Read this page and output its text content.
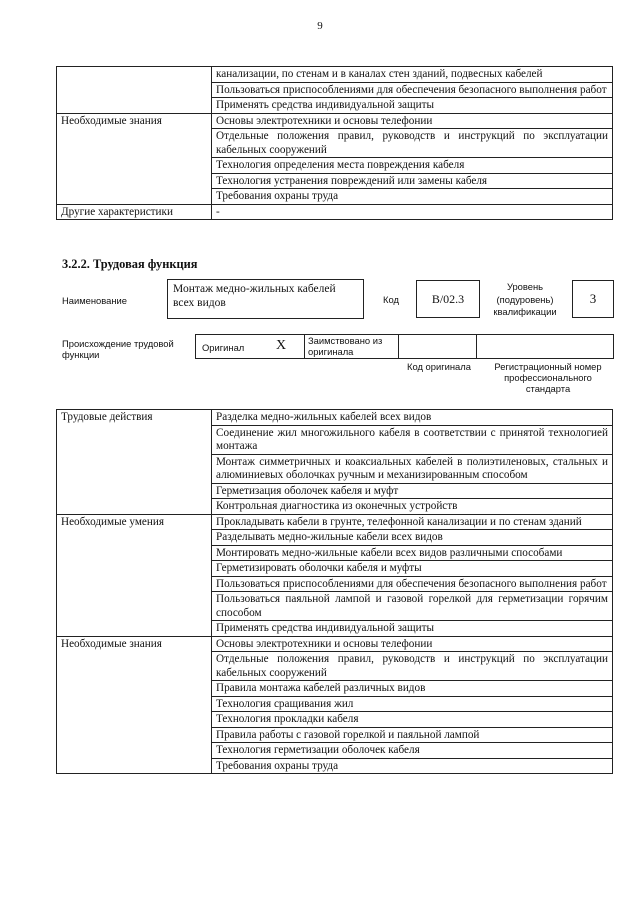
9
	канализации, по стенам и в каналах стен зданий, подвесных кабелей
	Пользоваться приспособлениями для обеспечения безопасного выполнения работ
	Применять средства индивидуальной защиты
Необходимые знания	Основы электротехники и основы телефонии
	Отдельные положения правил, руководств и инструкций по эксплуатации кабельных сооружений
	Технология определения места повреждения кабеля
	Технология устранения повреждений или замены кабеля
	Требования охраны труда
Другие характеристики	-
3.2.2. Трудовая функция
Наименование
Монтаж медно-жильных кабелей всех видов	Код	B/02.3
Уровень (подуровень) квалификации
3
Происхождение трудовой функции
Оригинал X Заимствовано из оригинала
Код оригинала	Регистрационный номер профессионального стандарта
Трудовые действия	Разделка медно-жильных кабелей всех видов
	Соединение жил многожильного кабеля в соответствии с принятой технологией монтажа
	Монтаж симметричных и коаксиальных кабелей в полиэтиленовых, стальных и алюминиевых оболочках ручным и механизированным способом
	Герметизация оболочек кабеля и муфт
	Контрольная диагностика из оконечных устройств
Необходимые умения	Прокладывать кабели в грунте, телефонной канализации и по стенам зданий
	Разделывать медно-жильные кабели всех видов
	Монтировать медно-жильные кабели всех видов различными способами
	Герметизировать оболочки кабеля и муфты
	Пользоваться приспособлениями для обеспечения безопасного выполнения работ
	Пользоваться паяльной лампой и газовой горелкой для герметизации горячим способом
	Применять средства индивидуальной защиты
Необходимые знания	Основы электротехники и основы телефонии
	Отдельные положения правил, руководств и инструкций по эксплуатации кабельных сооружений
	Правила монтажа кабелей различных видов
	Технология сращивания жил
	Технология прокладки кабеля
	Правила работы с газовой горелкой и паяльной лампой
	Технология герметизации оболочек кабеля
	Требования охраны труда
